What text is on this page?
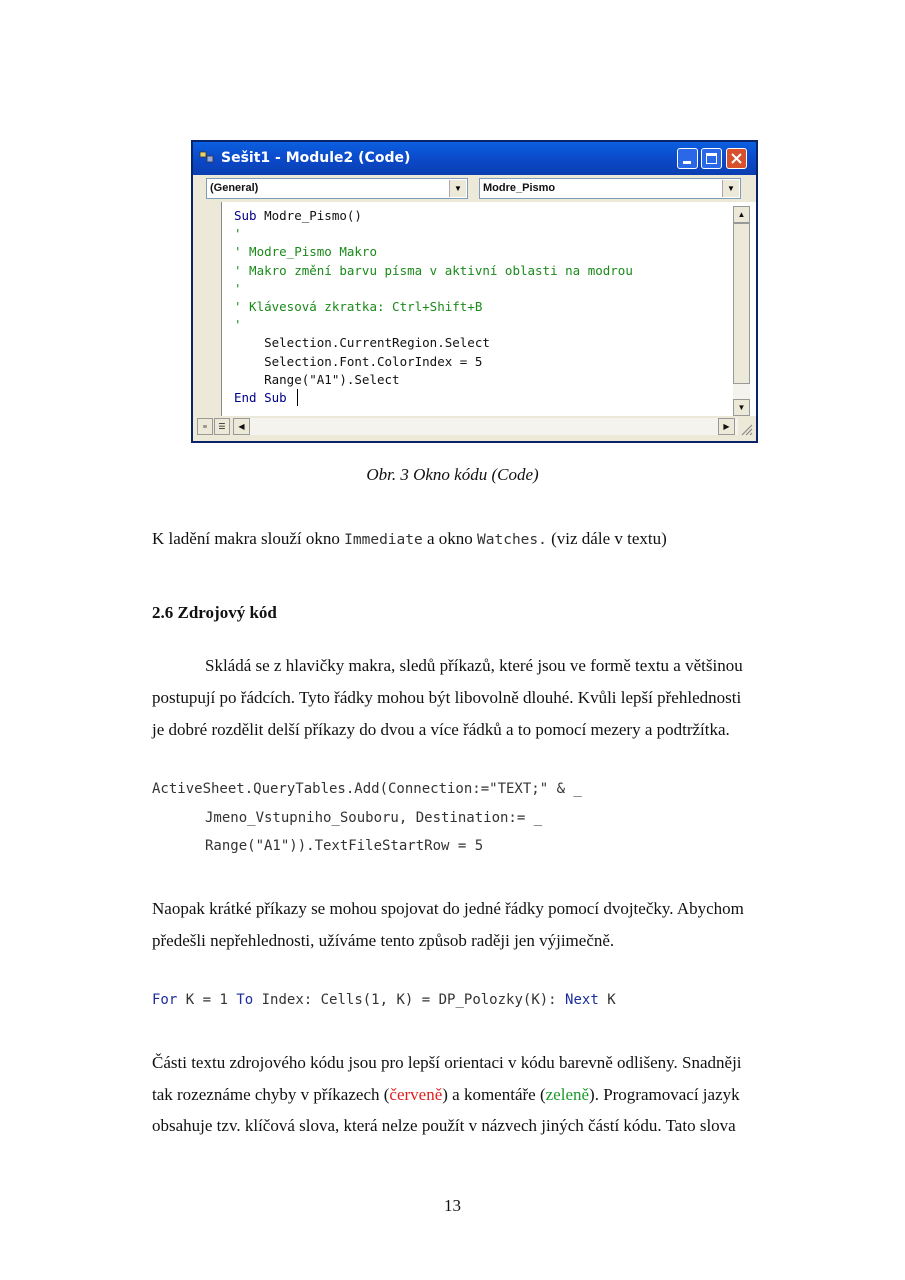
Sešit1 - Module2 (Code)
(General)	▼	Modre_Pismo	▼
Sub Modre_Pismo()
'
' Modre_Pismo Makro
' Makro změní barvu písma v aktivní oblasti na modrou
'
' Klávesová zkratka: Ctrl+Shift+B
'
Selection.CurrentRegion.Select
Selection.Font.ColorIndex = 5
Range("A1").Select
End Sub
▲
▼
≡	☰	◀	▶
Obr. 3 Okno kódu (Code)
K ladění makra slouží okno Immediate a okno Watches. (viz dále v textu)
2.6 Zdrojový kód
Skládá se z hlavičky makra, sledů příkazů, které jsou ve formě textu a většinou
postupují po řádcích. Tyto řádky mohou být libovolně dlouhé. Kvůli lepší přehlednosti
je dobré rozdělit delší příkazy do dvou a více řádků a to pomocí mezery a podtržítka.
ActiveSheet.QueryTables.Add(Connection:="TEXT;" & _
Jmeno_Vstupniho_Souboru, Destination:= _
Range("A1")).TextFileStartRow = 5
Naopak krátké příkazy se mohou spojovat do jedné řádky pomocí dvojtečky. Abychom
předešli nepřehlednosti, užíváme tento způsob raději jen výjimečně.
For K = 1 To Index: Cells(1, K) = DP_Polozky(K): Next K
Části textu zdrojového kódu jsou pro lepší orientaci v kódu barevně odlišeny. Snadněji
tak rozeznáme chyby v příkazech (červeně) a komentáře (zeleně). Programovací jazyk
obsahuje tzv. klíčová slova, která nelze použít v názvech jiných částí kódu. Tato slova
13
